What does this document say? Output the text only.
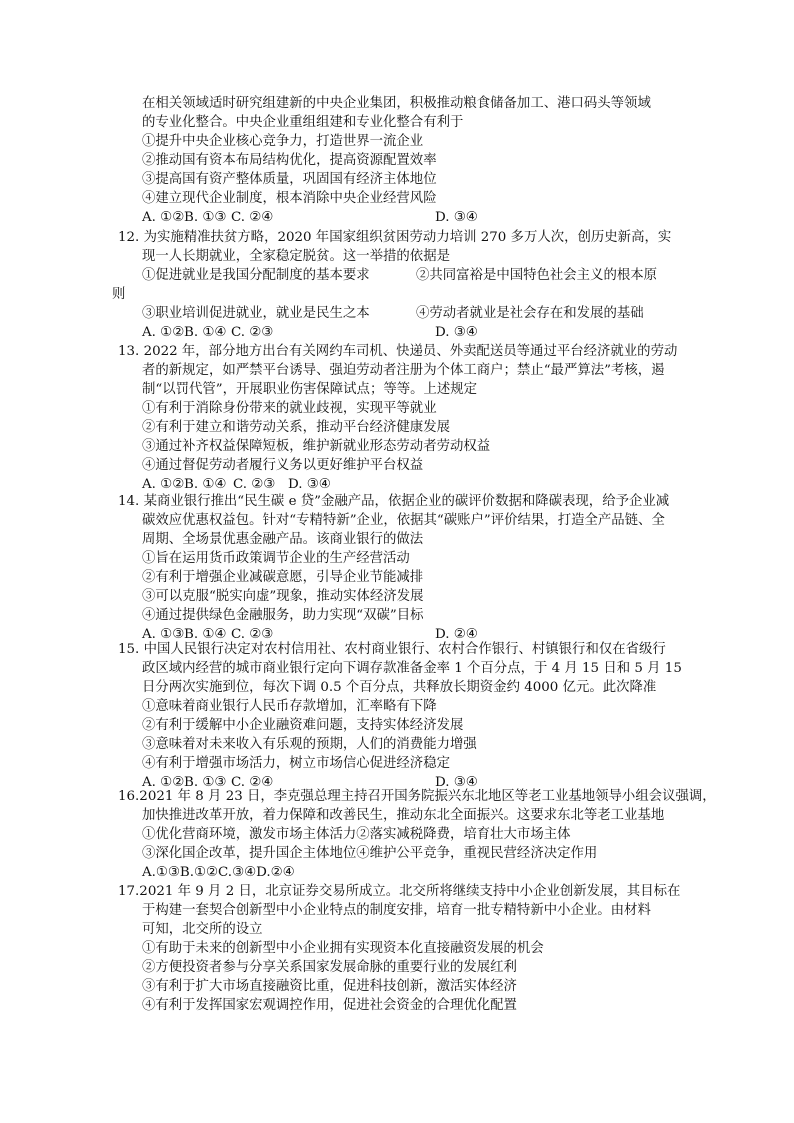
在相关领域适时研究组建新的中央企业集团，积极推动粮食储备加工、港口码头等领域
的专业化整合。中央企业重组组建和专业化整合有利于
①提升中央企业核心竞争力，打造世界一流企业
②推动国有资本布局结构优化，提高资源配置效率
③提高国有资产整体质量，巩固国有经济主体地位
④建立现代企业制度，根本消除中央企业经营风险
A. ①② B. ①③ C. ②④	D. ③④
12. 为实施精准扶贫方略，2020 年国家组织贫困劳动力培训 270 多万人次，创历史新高，实
现一人长期就业，全家稳定脱贫。这一举措的依据是
①促进就业是我国分配制度的基本要求	②共同富裕是中国特色社会主义的根本原
则
③职业培训促进就业，就业是民生之本	④劳动者就业是社会存在和发展的基础
A. ①② B. ①④ C. ②③	D. ③④
13. 2022 年，部分地方出台有关网约车司机、快递员、外卖配送员等通过平台经济就业的劳动
者的新规定，如严禁平台诱导、强迫劳动者注册为个体工商户；禁止“最严算法”考核，遏
制“以罚代管”，开展职业伤害保障试点；等等。上述规定
①有利于消除身份带来的就业歧视，实现平等就业
②有利于建立和谐劳动关系，推动平台经济健康发展
③通过补齐权益保障短板，维护新就业形态劳动者劳动权益
④通过督促劳动者履行义务以更好维护平台权益
A. ①② B. ①④ C. ②③ D. ③④
14. 某商业银行推出“民生碳 e 贷”金融产品，依据企业的碳评价数据和降碳表现，给予企业减
碳效应优惠权益包。针对“专精特新”企业，依据其“碳账户”评价结果，打造全产品链、全
周期、全场景优惠金融产品。该商业银行的做法
①旨在运用货币政策调节企业的生产经营活动
②有利于增强企业减碳意愿，引导企业节能减排
③可以克服“脱实向虚”现象，推动实体经济发展
④通过提供绿色金融服务，助力实现“双碳”目标
A. ①③ B. ①④ C. ②③	D. ②④
15. 中国人民银行决定对农村信用社、农村商业银行、农村合作银行、村镇银行和仅在省级行
政区域内经营的城市商业银行定向下调存款准备金率 1 个百分点，于 4 月 15 日和 5 月 15
日分两次实施到位，每次下调 0.5 个百分点，共释放长期资金约 4000 亿元。此次降准
①意味着商业银行人民币存款增加，汇率略有下降
②有利于缓解中小企业融资难问题，支持实体经济发展
③意味着对未来收入有乐观的预期，人们的消费能力增强
④有利于增强市场活力，树立市场信心促进经济稳定
A. ①② B. ①③ C. ②④	D. ③④
16.2021 年 8 月 23 日，李克强总理主持召开国务院振兴东北地区等老工业基地领导小组会议强调，
加快推进改革开放，着力保障和改善民生，推动东北全面振兴。这要求东北等老工业基地
①优化营商环境，激发市场主体活力②落实减税降费，培育壮大市场主体
③深化国企改革，提升国企主体地位④维护公平竞争，重视民营经济决定作用
A.①③B.①②C.③④D.②④
17.2021 年 9 月 2 日，北京证券交易所成立。北交所将继续支持中小企业创新发展，其目标在
于构建一套契合创新型中小企业特点的制度安排，培育一批专精特新中小企业。由材料
可知，北交所的设立
①有助于未来的创新型中小企业拥有实现资本化直接融资发展的机会
②方便投资者参与分享关系国家发展命脉的重要行业的发展红利
③有利于扩大市场直接融资比重，促进科技创新，激活实体经济
④有利于发挥国家宏观调控作用，促进社会资金的合理优化配置
